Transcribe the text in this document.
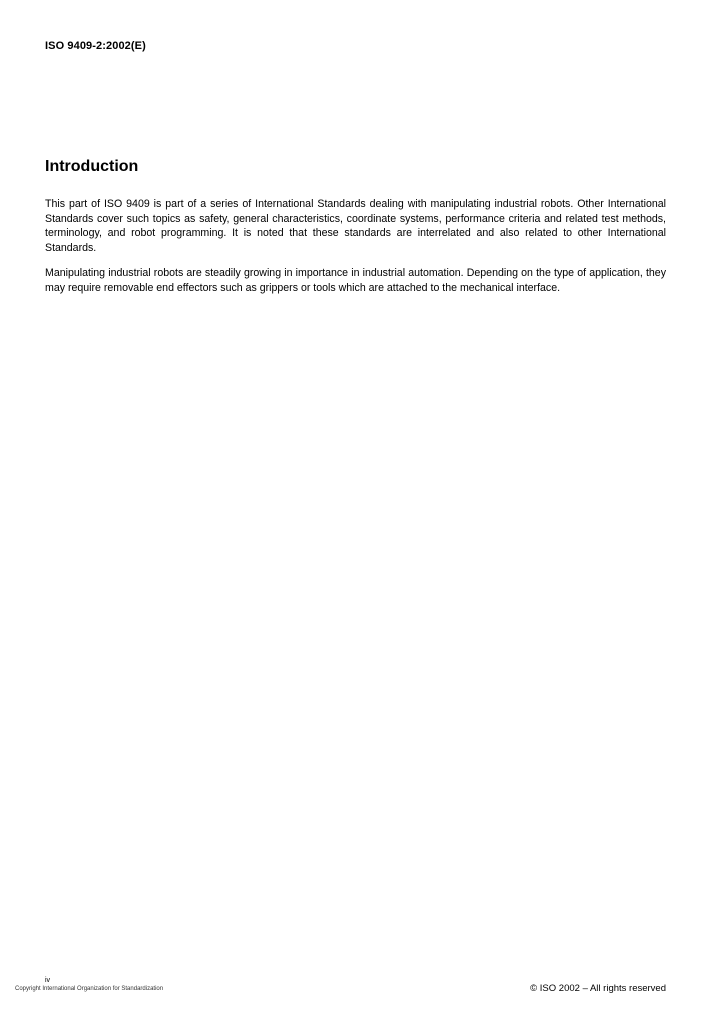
ISO 9409-2:2002(E)
Introduction

This part of ISO 9409 is part of a series of International Standards dealing with manipulating industrial robots. Other International Standards cover such topics as safety, general characteristics, coordinate systems, performance criteria and related test methods, terminology, and robot programming. It is noted that these standards are interrelated and also related to other International Standards.

Manipulating industrial robots are steadily growing in importance in industrial automation. Depending on the type of application, they may require removable end effectors such as grippers or tools which are attached to the mechanical interface.

iv
Copyright International Organization for Standardization	© ISO 2002 – All rights reserved
